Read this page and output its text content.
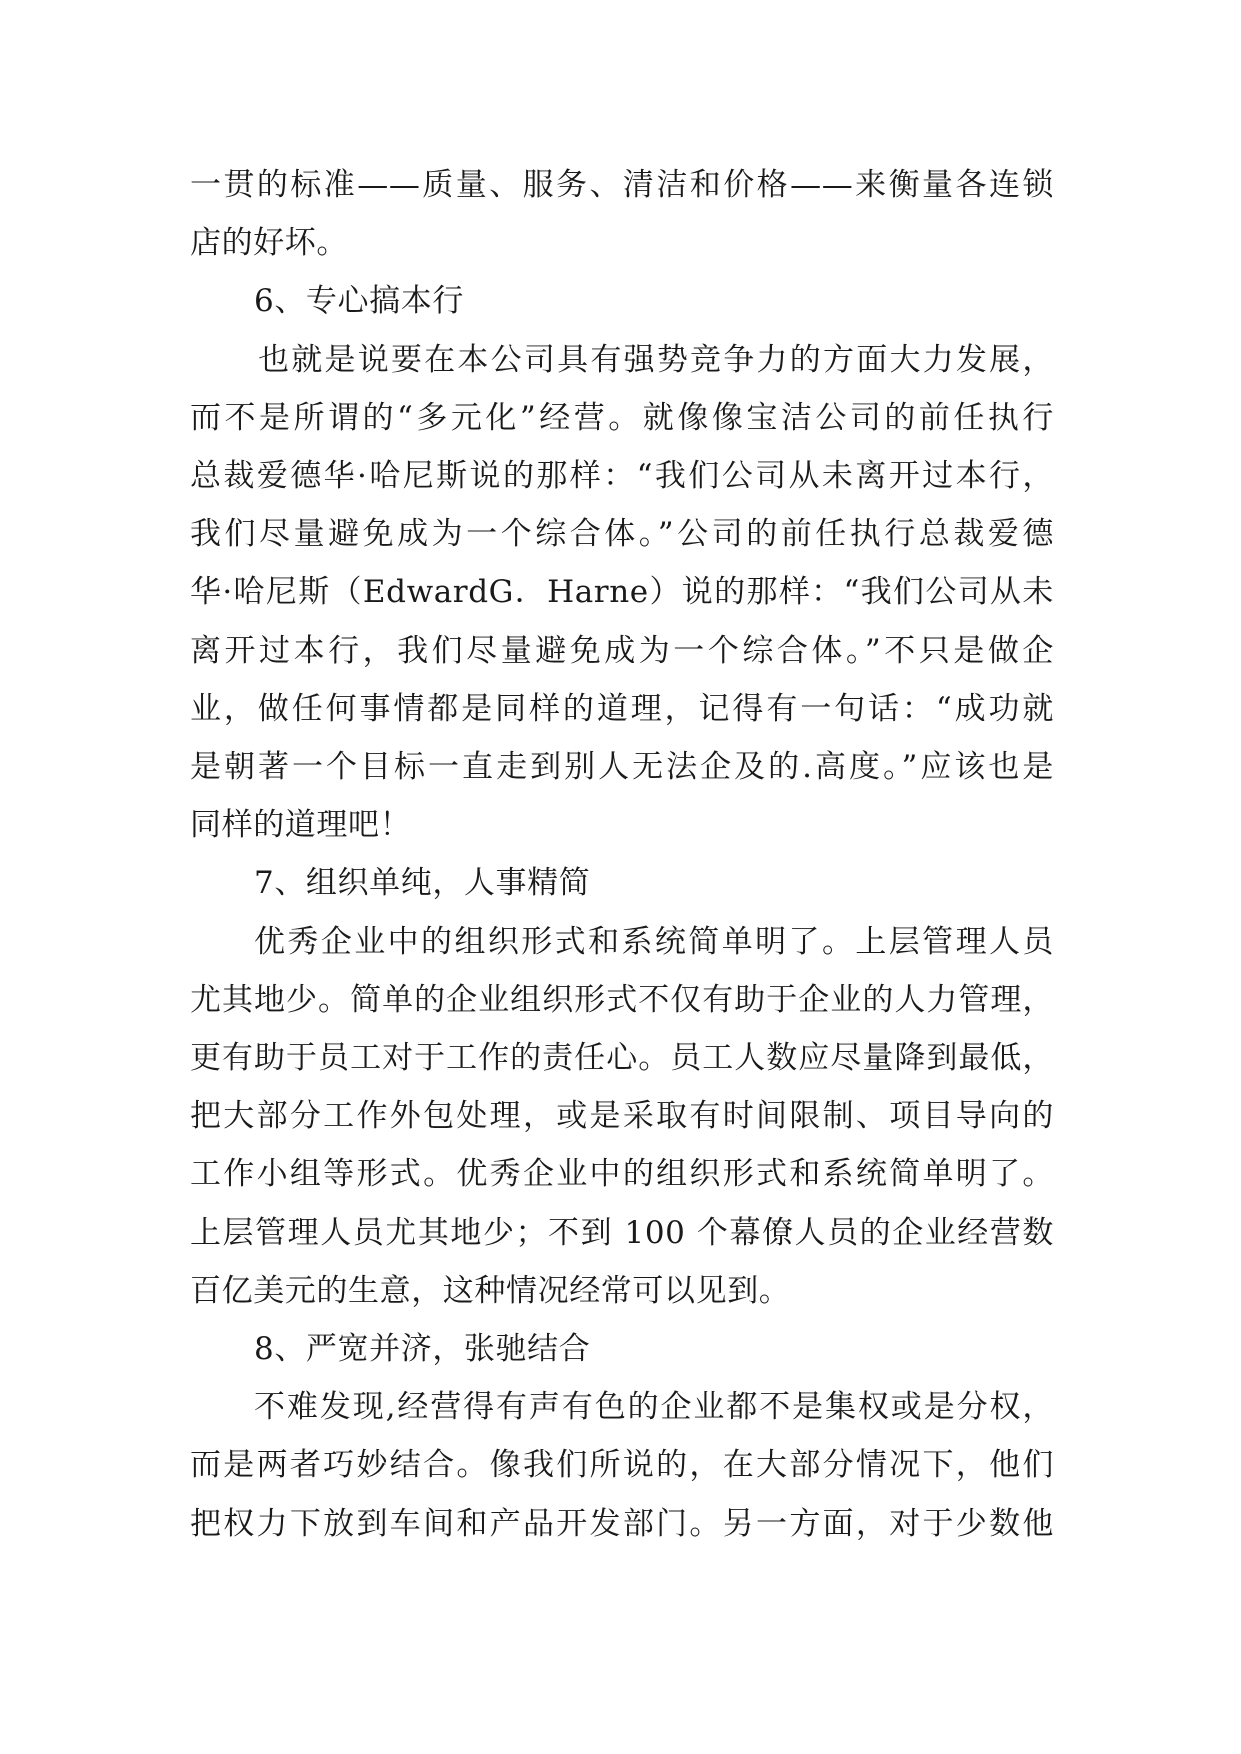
一贯的标准——质量、服务、清洁和价格——来衡量各连锁
店的好坏。
6、专心搞本行
也就是说要在本公司具有强势竞争力的方面大力发展，
而不是所谓的“多元化”经营。就像像宝洁公司的前任执行
总裁爱德华·哈尼斯说的那样：“我们公司从未离开过本行，
我们尽量避免成为一个综合体。”公司的前任执行总裁爱德
华·哈尼斯（EdwardG．Harne）说的那样：“我们公司从未
离开过本行，我们尽量避免成为一个综合体。”不只是做企
业，做任何事情都是同样的道理，记得有一句话：“成功就
是朝著一个目标一直走到别人无法企及的.高度。”应该也是
同样的道理吧！
7、组织单纯，人事精简
优秀企业中的组织形式和系统简单明了。上层管理人员
尤其地少。简单的企业组织形式不仅有助于企业的人力管理，
更有助于员工对于工作的责任心。员工人数应尽量降到最低，
把大部分工作外包处理，或是采取有时间限制、项目导向的
工作小组等形式。优秀企业中的组织形式和系统简单明了。
上层管理人员尤其地少；不到 100 个幕僚人员的企业经营数
百亿美元的生意，这种情况经常可以见到。
8、严宽并济，张驰结合
不难发现,经营得有声有色的企业都不是集权或是分权，
而是两者巧妙结合。像我们所说的，在大部分情况下，他们
把权力下放到车间和产品开发部门。另一方面，对于少数他
